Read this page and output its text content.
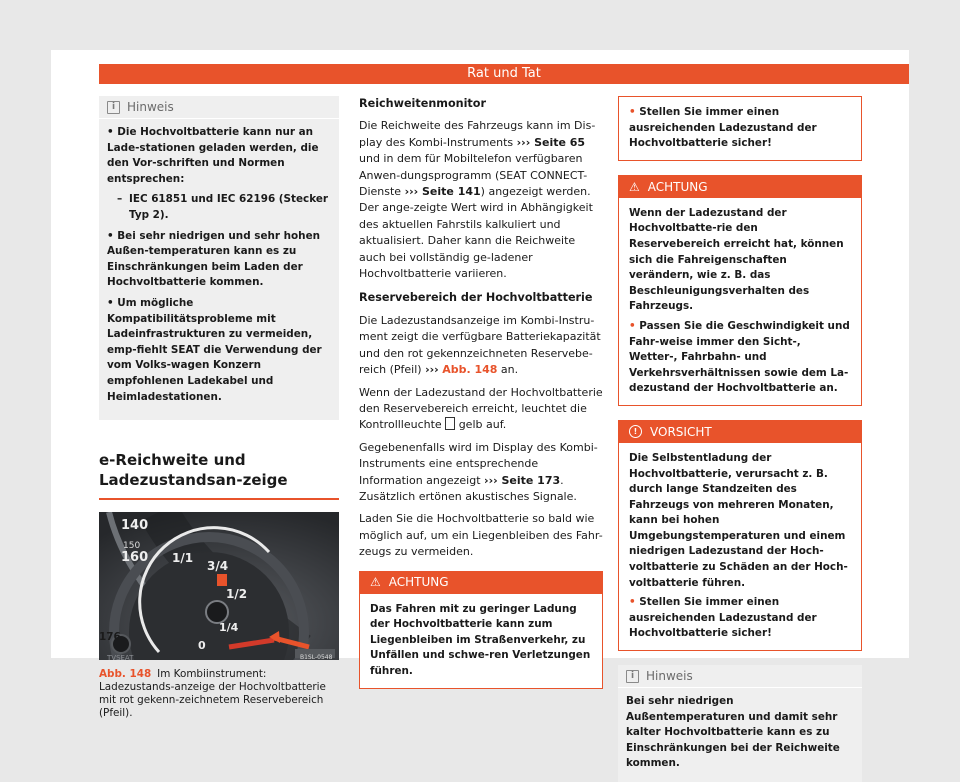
Rat und Tat
i Hinweis
• Die Hochvoltbatterie kann nur an Lade-stationen geladen werden, die den Vor-schriften und Normen entsprechen:
– IEC 61851 und IEC 62196 (Stecker Typ 2).
• Bei sehr niedrigen und sehr hohen Außen-temperaturen kann es zu Einschränkungen beim Laden der Hochvoltbatterie kommen.
• Um mögliche Kompatibilitätsprobleme mit Ladeinfrastrukturen zu vermeiden, emp-fiehlt SEAT die Verwendung der vom Volks-wagen Konzern empfohlenen Ladekabel und Heimladestationen.
e-Reichweite und Ladezustandsan-zeige
TVSEAT
140
150
160 1/1
3/4
1/2
1/4
0
B1SL-0548
Abb. 148 Im Kombiinstrument: Ladezustands-anzeige der Hochvoltbatterie mit rot gekenn-zeichnetem Reservebereich (Pfeil).
176
Reichweitenmonitor

Die Reichweite des Fahrzeugs kann im Dis-play des Kombi-Instruments ››› Seite 65 und in dem für Mobiltelefon verfügbaren Anwen-dungsprogramm (SEAT CONNECT-Dienste ››› Seite 141) angezeigt werden. Der ange-zeigte Wert wird in Abhängigkeit des aktuellen Fahrstils kalkuliert und aktualisiert. Daher kann die Reichweite auch bei vollständig ge-ladener Hochvoltbatterie variieren.

Reservebereich der Hochvoltbatterie

Die Ladezustandsanzeige im Kombi-Instru-ment zeigt die verfügbare Batteriekapazität und den rot gekennzeichneten Reservebe-reich (Pfeil) ››› Abb. 148 an.

Wenn der Ladezustand der Hochvoltbatterie den Reservebereich erreicht, leuchtet die Kontrollleuchte  gelb auf.

Gegebenenfalls wird im Display des Kombi-Instruments eine entsprechende Information angezeigt ››› Seite 173. Zusätzlich ertönen akustisches Signale.

Laden Sie die Hochvoltbatterie so bald wie möglich auf, um ein Liegenbleiben des Fahr-zeugs zu vermeiden.

⚠ ACHTUNG
Das Fahren mit zu geringer Ladung der Hochvoltbatterie kann zum Liegenbleiben im Straßenverkehr, zu Unfällen und schwe-ren Verletzungen führen.
• Stellen Sie immer einen ausreichenden Ladezustand der Hochvoltbatterie sicher!
⚠ ACHTUNG
Wenn der Ladezustand der Hochvoltbatte-rie den Reservebereich erreicht hat, können sich die Fahreigenschaften verändern, wie z. B. das Beschleunigungsverhalten des Fahrzeugs.
• Passen Sie die Geschwindigkeit und Fahr-weise immer den Sicht-, Wetter-, Fahrbahn- und Verkehrsverhältnissen sowie dem La-dezustand der Hochvoltbatterie an.
!	VORSICHT
Die Selbstentladung der Hochvoltbatterie, verursacht z. B. durch lange Standzeiten des Fahrzeugs von mehreren Monaten, kann bei hohen Umgebungstemperaturen und einem niedrigen Ladezustand der Hoch-voltbatterie zu Schäden an der Hoch-voltbatterie führen.
• Stellen Sie immer einen ausreichenden Ladezustand der Hochvoltbatterie sicher!
i Hinweis
Bei sehr niedrigen Außentemperaturen und damit sehr kalter Hochvoltbatterie kann es zu Einschränkungen bei der Reichweite kommen.
